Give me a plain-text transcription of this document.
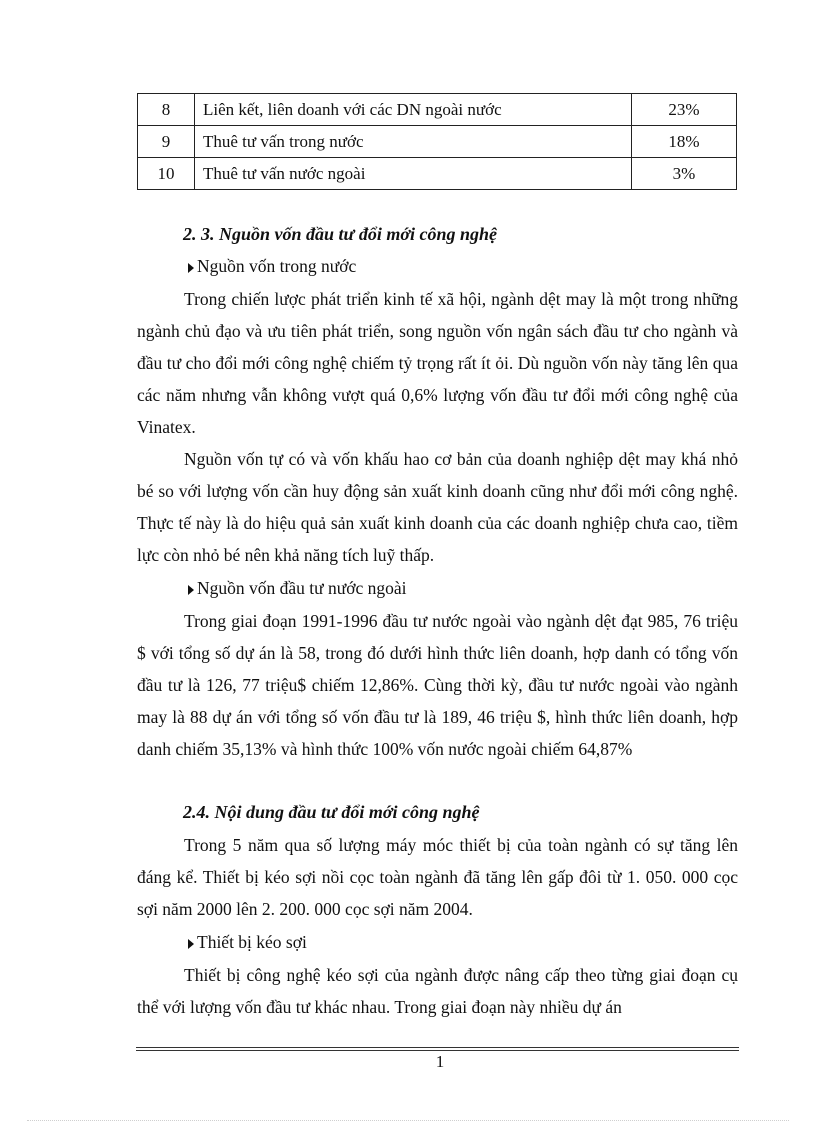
8	Liên kết, liên doanh với các DN ngoài nước	23%
9	Thuê tư vấn trong nước	18%
10	Thuê tư vấn nước ngoài	3%
2. 3. Nguồn vốn đầu tư đổi mới công nghệ
Nguồn vốn trong nước

Trong chiến lược phát triển kinh tế xã hội, ngành dệt may là một trong những ngành chủ đạo và ưu tiên phát triển, song nguồn vốn ngân sách đầu tư cho ngành và đầu tư cho đổi mới công nghệ chiếm tỷ trọng rất ít ỏi. Dù nguồn vốn này tăng lên qua các năm nhưng vẫn không vượt quá 0,6% lượng vốn đầu tư đổi mới công nghệ của Vinatex.

Nguồn vốn tự có và vốn khấu hao cơ bản của doanh nghiệp dệt may khá nhỏ bé so với lượng vốn cần huy động sản xuất kinh doanh cũng như đổi mới công nghệ. Thực tế này là do hiệu quả sản xuất kinh doanh của các doanh nghiệp chưa cao, tiềm lực còn nhỏ bé nên khả năng tích luỹ thấp.

Nguồn vốn đầu tư nước ngoài

Trong giai đoạn 1991-1996 đầu tư nước ngoài vào ngành dệt đạt 985, 76 triệu $ với tổng số dự án là 58, trong đó dưới hình thức liên doanh, hợp danh có tổng vốn đầu tư là 126, 77 triệu$ chiếm 12,86%. Cùng thời kỳ, đầu tư nước ngoài vào ngành may là 88 dự án với tổng số vốn đầu tư là 189, 46 triệu $, hình thức liên doanh, hợp danh chiếm 35,13% và hình thức 100% vốn nước ngoài chiếm 64,87%

2.4. Nội dung đầu tư đổi mới công nghệ

Trong 5 năm qua số lượng máy móc thiết bị của toàn ngành có sự tăng lên đáng kể. Thiết bị kéo sợi nồi cọc toàn ngành đã tăng lên gấp đôi từ 1. 050. 000 cọc sợi năm 2000 lên 2. 200. 000 cọc sợi năm 2004.

Thiết bị kéo sợi

Thiết bị công nghệ kéo sợi của ngành được nâng cấp theo từng giai đoạn cụ thể với lượng vốn đầu tư khác nhau. Trong giai đoạn này nhiều dự án

1
